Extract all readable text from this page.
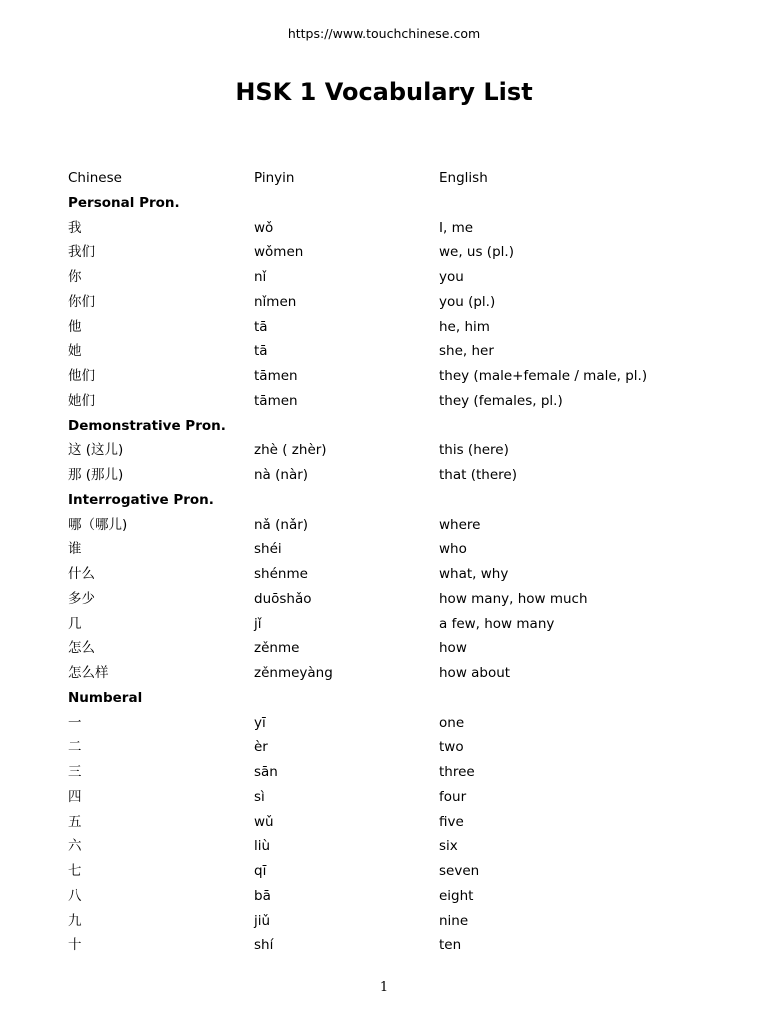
https://www.touchchinese.com
HSK 1 Vocabulary List
Chinese	Pinyin	English
Personal Pron.
我	wǒ	I, me
我们	wǒmen	we, us (pl.)
你	nǐ	you
你们	nǐmen	you (pl.)
他	tā	he, him
她	tā	she, her
他们	tāmen	they (male+female / male, pl.)
她们	tāmen	they (females, pl.)
Demonstrative Pron.
这 (这儿)	zhè ( zhèr)	this (here)
那 (那儿)	nà (nàr)	that (there)
Interrogative Pron.
哪（哪儿)	nǎ (nǎr)	where
谁	shéi	who
什么	shénme	what, why
多少	duōshǎo	how many, how much
几	jǐ	a few, how many
怎么	zěnme	how
怎么样	zěnmeyàng	how about
Numberal
一	yī	one
二	èr	two
三	sān	three
四	sì	four
五	wǔ	five
六	liù	six
七	qī	seven
八	bā	eight
九	jiǔ	nine
十	shí	ten
1
